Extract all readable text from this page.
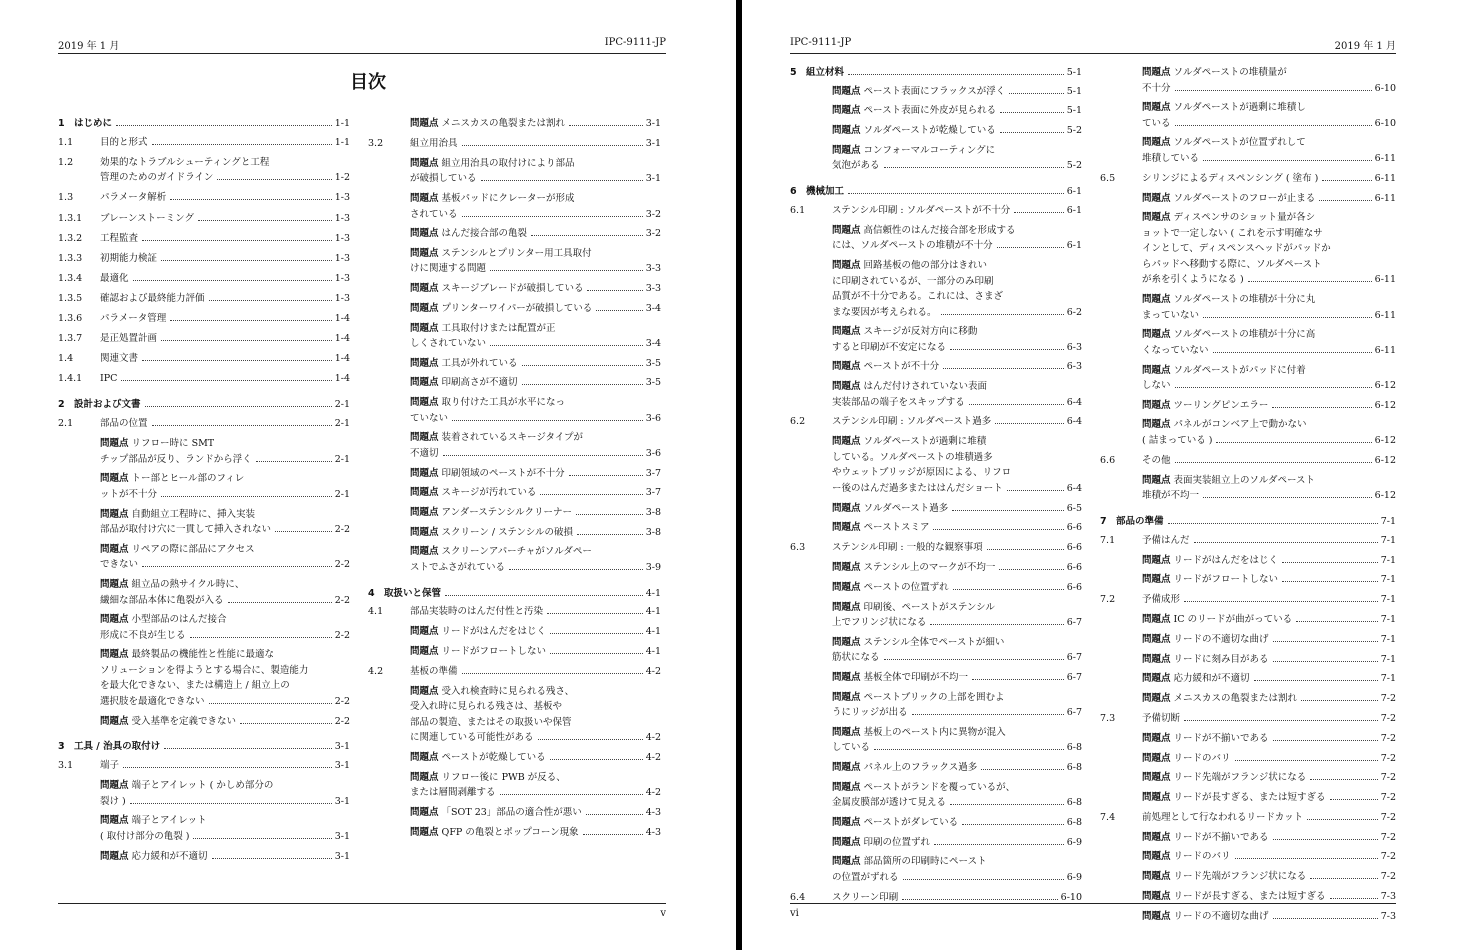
2019 年 1 月	IPC-9111-JP
目次
1 はじめに	1-1
1.1	目的と形式	1-1
1.2	効果的なトラブルシューティングと工程
管理のためのガイドライン	1-2
1.3	パラメータ解析	1-3
1.3.1 ブレーンストーミング	1-3
1.3.2 工程監査	1-3
1.3.3 初期能力検証	1-3
1.3.4 最適化	1-3
1.3.5 確認および最終能力評価	1-3
1.3.6 パラメータ管理	1-4
1.3.7 是正処置計画	1-4
1.4	関連文書	1-4
1.4.1 IPC	1-4
2 設計および文書	2-1
2.1	部品の位置	2-1
問題点 リフロー時に SMT
チップ部品が反り、ランドから浮く	2-1
問題点 トー部とヒール部のフィレ
ットが不十分	2-1
問題点 自動組立工程時に、挿入実装
部品が取付け穴に一貫して挿入されない	2-2
問題点 リペアの際に部品にアクセス
できない	2-2
問題点 組立品の熱サイクル時に、
繊細な部品本体に亀裂が入る	2-2
問題点 小型部品のはんだ接合
形成に不良が生じる	2-2
問題点 最終製品の機能性と性能に最適な
ソリューションを得ようとする場合に、製造能力
を最大化できない、または構造上 / 組立上の
選択肢を最適化できない	2-2
問題点 受入基準を定義できない	2-2
3 工具 / 治具の取付け	3-1
3.1	端子	3-1
問題点 端子とアイレット ( かしめ部分の
裂け )	3-1
問題点 端子とアイレット
( 取付け部分の亀裂 )	3-1
問題点 応力緩和が不適切	3-1
問題点 メニスカスの亀裂または割れ	3-1
3.2	組立用治具	3-1
問題点 組立用治具の取付けにより部品
が破損している	3-1
問題点 基板パッドにクレーターが形成
されている	3-2
問題点 はんだ接合部の亀裂	3-2
問題点 ステンシルとプリンター用工具取付
けに関連する問題	3-3
問題点 スキージブレードが破損している	3-3
問題点 プリンターワイパーが破損している	3-4
問題点 工具取付けまたは配置が正
しくされていない	3-4
問題点 工具が外れている	3-5
問題点 印刷高さが不適切	3-5
問題点 取り付けた工具が水平になっ
ていない	3-6
問題点 装着されているスキージタイプが
不適切	3-6
問題点 印刷領域のペーストが不十分	3-7
問題点 スキージが汚れている	3-7
問題点 アンダーステンシルクリーナー	3-8
問題点 スクリーン / ステンシルの破損	3-8
問題点 スクリーンアパーチャがソルダペー
ストでふさがれている	3-9
4 取扱いと保管	4-1
4.1	部品実装時のはんだ付性と汚染	4-1
問題点 リードがはんだをはじく	4-1
問題点 リードがフロートしない	4-1
4.2	基板の準備	4-2
問題点 受入れ検査時に見られる残さ、
受入れ時に見られる残さは、基板や
部品の製造、またはその取扱いや保管
に関連している可能性がある	4-2
問題点 ペーストが乾燥している	4-2
問題点 リフロー後に PWB が反る、
または層間剥離する	4-2
問題点 「SOT 23」部品の適合性が悪い	4-3
問題点 QFP の亀裂とポップコーン現象	4-3
v
IPC-9111-JP	2019 年 1 月
5 組立材料	5-1
問題点 ペースト表面にフラックスが浮く	5-1
問題点 ペースト表面に外皮が見られる	5-1
問題点 ソルダペーストが乾燥している	5-2
問題点 コンフォーマルコーティングに
気泡がある	5-2
6 機械加工	6-1
6.1	ステンシル印刷 : ソルダペーストが不十分	6-1
問題点 高信頼性のはんだ接合部を形成する
には、ソルダペーストの堆積が不十分	6-1
問題点 回路基板の他の部分はきれい
に印刷されているが、一部分のみ印刷
品質が不十分である。これには、さまざ
まな要因が考えられる。	6-2
問題点 スキージが反対方向に移動
すると印刷が不安定になる	6-3
問題点 ペーストが不十分	6-3
問題点 はんだ付けされていない表面
実装部品の端子をスキップする	6-4
6.2	ステンシル印刷 : ソルダペースト過多	6-4
問題点 ソルダペーストが過剰に堆積
している。ソルダペーストの堆積過多
やウェットブリッジが原因による、リフロ
ー後のはんだ過多またははんだショート	6-4
問題点 ソルダペースト過多	6-5
問題点 ペーストスミア	6-6
6.3	ステンシル印刷 : 一般的な観察事項	6-6
問題点 ステンシル上のマークが不均一	6-6
問題点 ペーストの位置ずれ	6-6
問題点 印刷後、ペーストがステンシル
上でフリンジ状になる	6-7
問題点 ステンシル全体でペーストが細い
筋状になる	6-7
問題点 基板全体で印刷が不均一	6-7
問題点 ペーストブリックの上部を囲むよ
うにリッジが出る	6-7
問題点 基板上のペースト内に異物が混入
している	6-8
問題点 パネル上のフラックス過多	6-8
問題点 ペーストがランドを覆っているが、
金属皮膜部が透けて見える	6-8
問題点 ペーストがダレている	6-8
問題点 印刷の位置ずれ	6-9
問題点 部品箇所の印刷時にペースト
の位置がずれる	6-9
6.4	スクリーン印刷	6-10
問題点 ソルダペーストの堆積量が
不十分	6-10
問題点 ソルダペーストが過剰に堆積し
ている	6-10
問題点 ソルダペーストが位置ずれして
堆積している	6-11
6.5	シリンジによるディスペンシング ( 塗布 )	6-11
問題点 ソルダペーストのフローが止まる	6-11
問題点 ディスペンサのショット量が各シ
ョットで一定しない ( これを示す明確なサ
インとして、ディスペンスヘッドがパッドか
らパッドへ移動する際に、ソルダペースト
が糸を引くようになる )	6-11
問題点 ソルダペーストの堆積が十分に丸
まっていない	6-11
問題点 ソルダペーストの堆積が十分に高
くなっていない	6-11
問題点 ソルダペーストがパッドに付着
しない	6-12
問題点 ツーリングピンエラー	6-12
問題点 パネルがコンベア上で動かない
( 詰まっている )	6-12
6.6	その他	6-12
問題点 表面実装組立上のソルダペースト
堆積が不均一	6-12
7 部品の準備	7-1
7.1	予備はんだ	7-1
問題点 リードがはんだをはじく	7-1
問題点 リードがフロートしない	7-1
7.2	予備成形	7-1
問題点 IC のリードが曲がっている	7-1
問題点 リードの不適切な曲げ	7-1
問題点 リードに刻み目がある	7-1
問題点 応力緩和が不適切	7-1
問題点 メニスカスの亀裂または割れ	7-2
7.3	予備切断	7-2
問題点 リードが不揃いである	7-2
問題点 リードのバリ	7-2
問題点 リード先端がフランジ状になる	7-2
問題点 リードが長すぎる、または短すぎる	7-2
7.4	前処理として行なわれるリードカット	7-2
問題点 リードが不揃いである	7-2
問題点 リードのバリ	7-2
問題点 リード先端がフランジ状になる	7-2
問題点 リードが長すぎる、または短すぎる	7-3
問題点 リードの不適切な曲げ	7-3
vi
